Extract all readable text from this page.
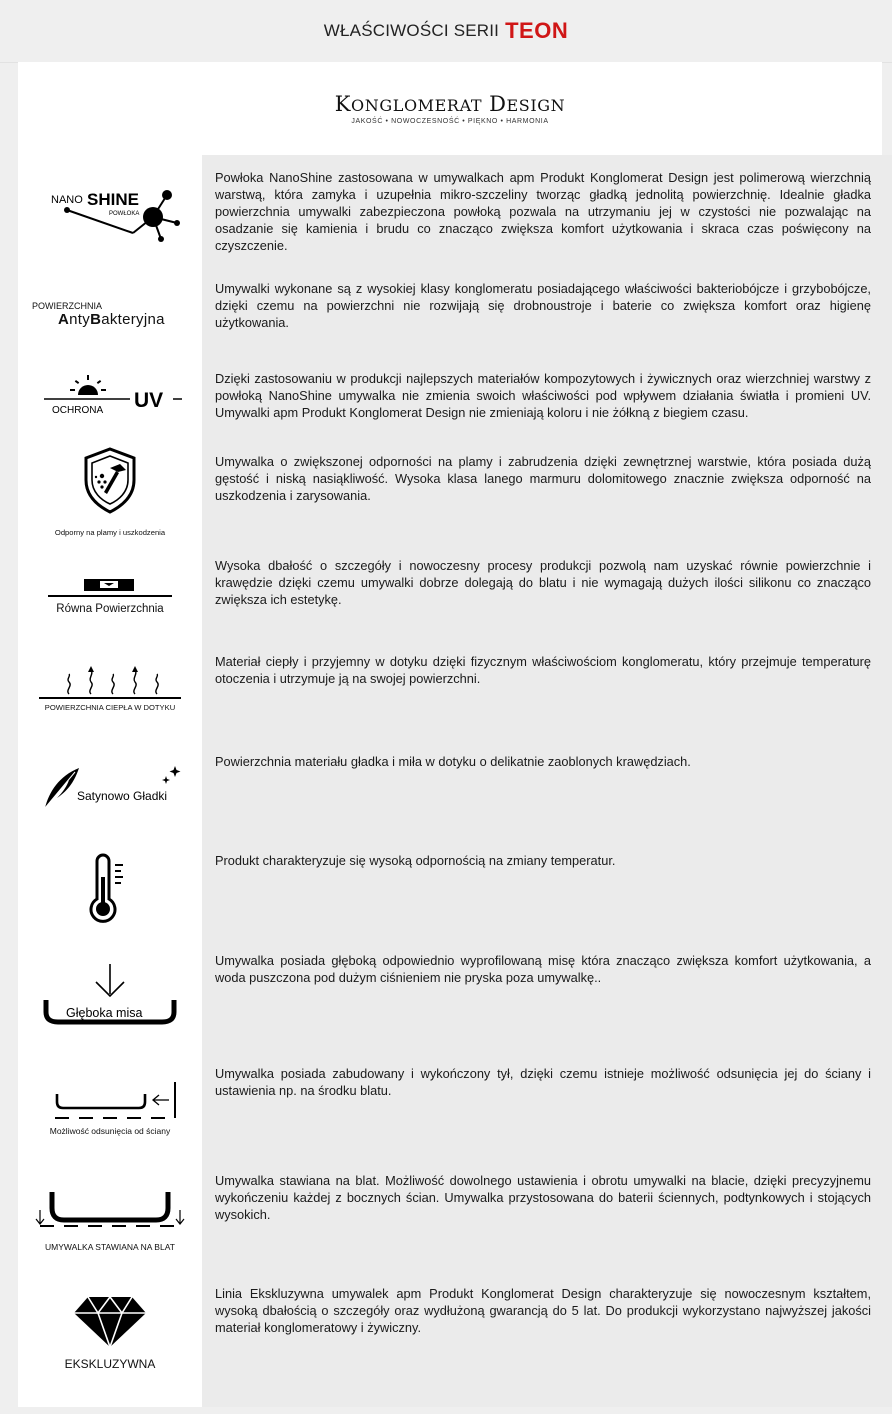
WŁAŚCIWOŚCI SERII TEON
KONGLOMERAT DESIGN
JAKOŚĆ • NOWOCZESNOŚĆ • PIĘKNO • HARMONIA
NANO SHINE
POWŁOKA
Powłoka NanoShine zastosowana w umywalkach apm Produkt Konglomerat Design jest polimerową wierzchnią warstwą, która zamyka i uzupełnia mikro-szczeliny tworząc gładką jednolitą powierzchnię. Idealnie gładka powierzchnia umywalki zabezpieczona powłoką pozwala na utrzymaniu jej w czystości nie pozwalając na osadzanie się kamienia i brudu co znacząco zwiększa komfort użytkowania i skraca czas poświęcony na czyszczenie.
POWIERZCHNIA
AntyBakteryjna
Umywalki wykonane są z wysokiej klasy konglomeratu posiadającego właściwości bakteriobójcze i grzybobójcze, dzięki czemu na powierzchni nie rozwijają się drobnoustroje i baterie co zwiększa komfort oraz higienę użytkowania.
OCHRONA UV
Dzięki zastosowaniu w produkcji najlepszych materiałów kompozytowych i żywicznych oraz wierzchniej warstwy z powłoką NanoShine umywalka nie zmienia swoich właściwości pod wpływem działania światła i promieni UV. Umywalki apm Produkt Konglomerat Design nie zmieniają koloru i nie żółkną z biegiem czasu.
Odporny na plamy i uszkodzenia
Umywalka o zwiększonej odporności na plamy i zabrudzenia dzięki zewnętrznej warstwie, która posiada dużą gęstość i niską nasiąkliwość. Wysoka klasa lanego marmuru dolomitowego znacznie zwiększa odporność na uszkodzenia i zarysowania.
Równa Powierzchnia
Wysoka dbałość o szczegóły i nowoczesny procesy produkcji pozwolą nam uzyskać równie powierzchnie i krawędzie dzięki czemu umywalki dobrze dolegają do blatu i nie wymagają dużych ilości silikonu co znacząco zwiększa ich estetykę.
POWIERZCHNIA CIEPŁA W DOTYKU
Materiał ciepły i przyjemny w dotyku dzięki fizycznym właściwościom konglomeratu, który przejmuje temperaturę otoczenia i utrzymuje ją na swojej powierzchni.
Satynowo Gładki
Powierzchnia materiału gładka i miła w dotyku o delikatnie zaoblonych krawędziach.
Produkt charakteryzuje się wysoką odpornością na zmiany temperatur.
Głęboka misa
Umywalka posiada głęboką odpowiednio wyprofilowaną misę która znacząco zwiększa komfort użytkowania, a woda puszczona pod dużym ciśnieniem nie pryska poza umywalkę..
Możliwość odsunięcia od ściany
Umywalka posiada zabudowany i wykończony tył, dzięki czemu istnieje możliwość odsunięcia jej do ściany i ustawienia np. na środku blatu.
UMYWALKA STAWIANA NA BLAT
Umywalka stawiana na blat. Możliwość dowolnego ustawienia i obrotu umywalki na blacie, dzięki precyzyjnemu wykończeniu każdej z bocznych ścian. Umywalka przystosowana do baterii ściennych, podtynkowych i stojących wysokich.
EKSKLUZYWNA
Linia Ekskluzywna umywalek apm Produkt Konglomerat Design charakteryzuje się nowoczesnym kształtem, wysoką dbałością o szczegóły oraz wydłużoną gwarancją do 5 lat. Do produkcji wykorzystano najwyższej jakości materiał konglomeratowy i żywiczny.
